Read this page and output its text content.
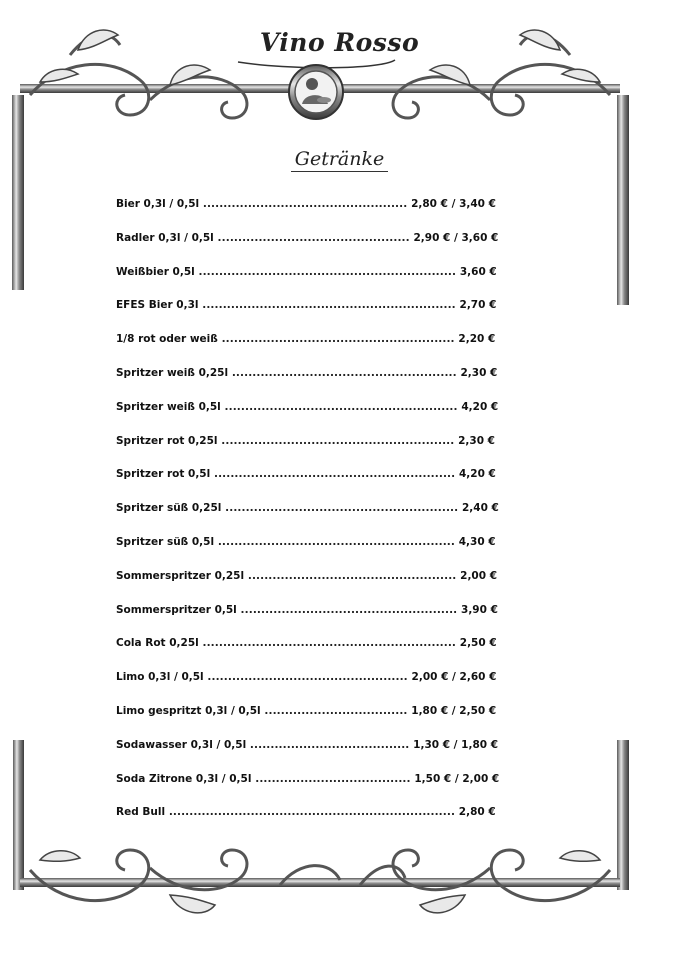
Vino Rosso
Getränke
Bier 0,3l / 0,5l .................................................. 2,80 € / 3,40 €
Radler 0,3l / 0,5l ............................................... 2,90 € / 3,60 €
Weißbier 0,5l ............................................................... 3,60 €
EFES Bier 0,3l .............................................................. 2,70 €
1/8 rot oder weiß ......................................................... 2,20 €
Spritzer weiß 0,25l ....................................................... 2,30 €
Spritzer weiß 0,5l ......................................................... 4,20 €
Spritzer rot 0,25l ......................................................... 2,30 €
Spritzer rot 0,5l ........................................................... 4,20 €
Spritzer süß 0,25l ......................................................... 2,40 €
Spritzer süß 0,5l .......................................................... 4,30 €
Sommerspritzer 0,25l ................................................... 2,00 €
Sommerspritzer 0,5l ..................................................... 3,90 €
Cola Rot 0,25l .............................................................. 2,50 €
Limo 0,3l / 0,5l ................................................. 2,00 € / 2,60 €
Limo gespritzt 0,3l / 0,5l ................................... 1,80 € / 2,50 €
Sodawasser 0,3l / 0,5l ....................................... 1,30 € / 1,80 €
Soda Zitrone 0,3l / 0,5l ...................................... 1,50 € / 2,00 €
Red Bull ...................................................................... 2,80 €
